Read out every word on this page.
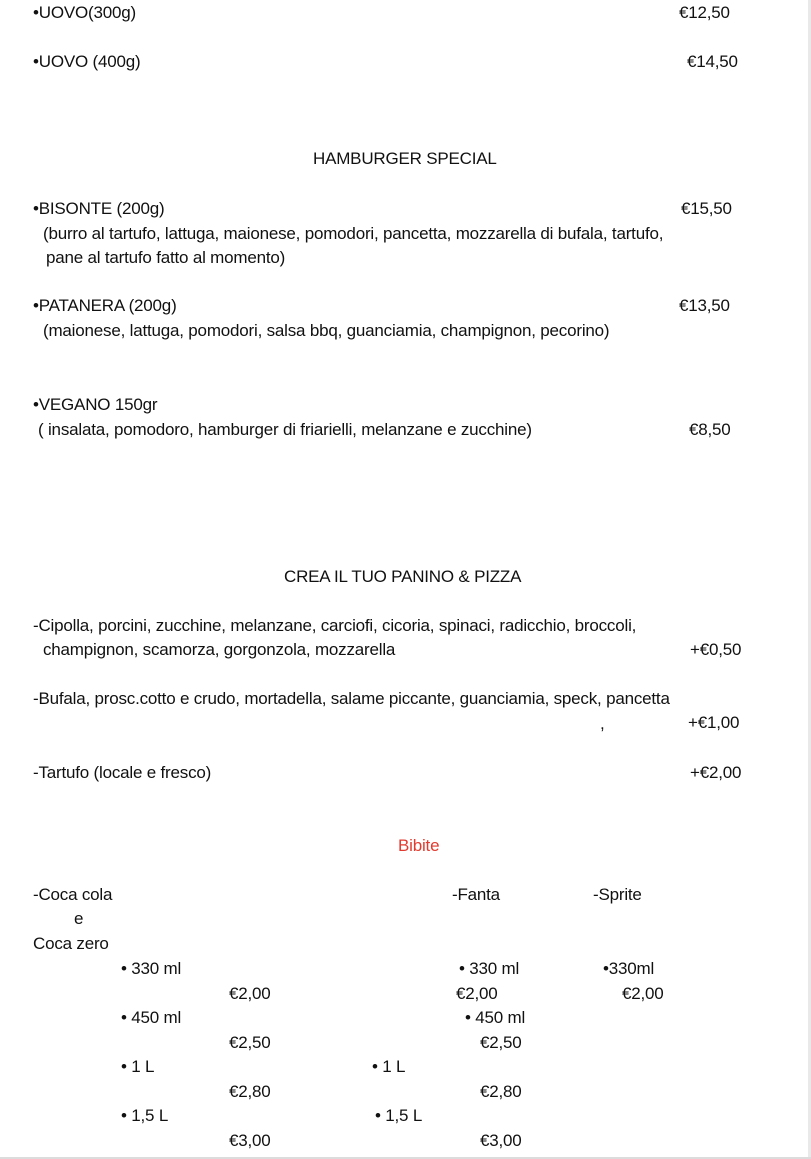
•UOVO(300g)	€12,50
•UOVO (400g)	€14,50
HAMBURGER SPECIAL
•BISONTE (200g)	€15,50
(burro al tartufo, lattuga, maionese, pomodori, pancetta, mozzarella di bufala, tartufo,
pane al tartufo fatto al momento)
•PATANERA (200g)	€13,50
(maionese, lattuga, pomodori, salsa bbq, guanciamia, champignon, pecorino)
•VEGANO 150gr
( insalata, pomodoro, hamburger di friarielli, melanzane e zucchine)	€8,50
CREA IL TUO PANINO & PIZZA
-Cipolla, porcini, zucchine, melanzane, carciofi, cicoria, spinaci, radicchio, broccoli,
champignon, scamorza, gorgonzola, mozzarella	+€0,50
-Bufala, prosc.cotto e crudo, mortadella, salame piccante, guanciamia, speck, pancetta
,	+€1,00
-Tartufo (locale e fresco)	+€2,00
Bibite
-Coca cola
e
Coca zero
• 330 ml
€2,00
• 450 ml
€2,50
• 1 L
€2,80
• 1,5 L
€3,00
-Fanta
• 330 ml
€2,00
• 450 ml
€2,50
• 1 L
€2,80
• 1,5 L
€3,00
-Sprite
•330ml
€2,00
